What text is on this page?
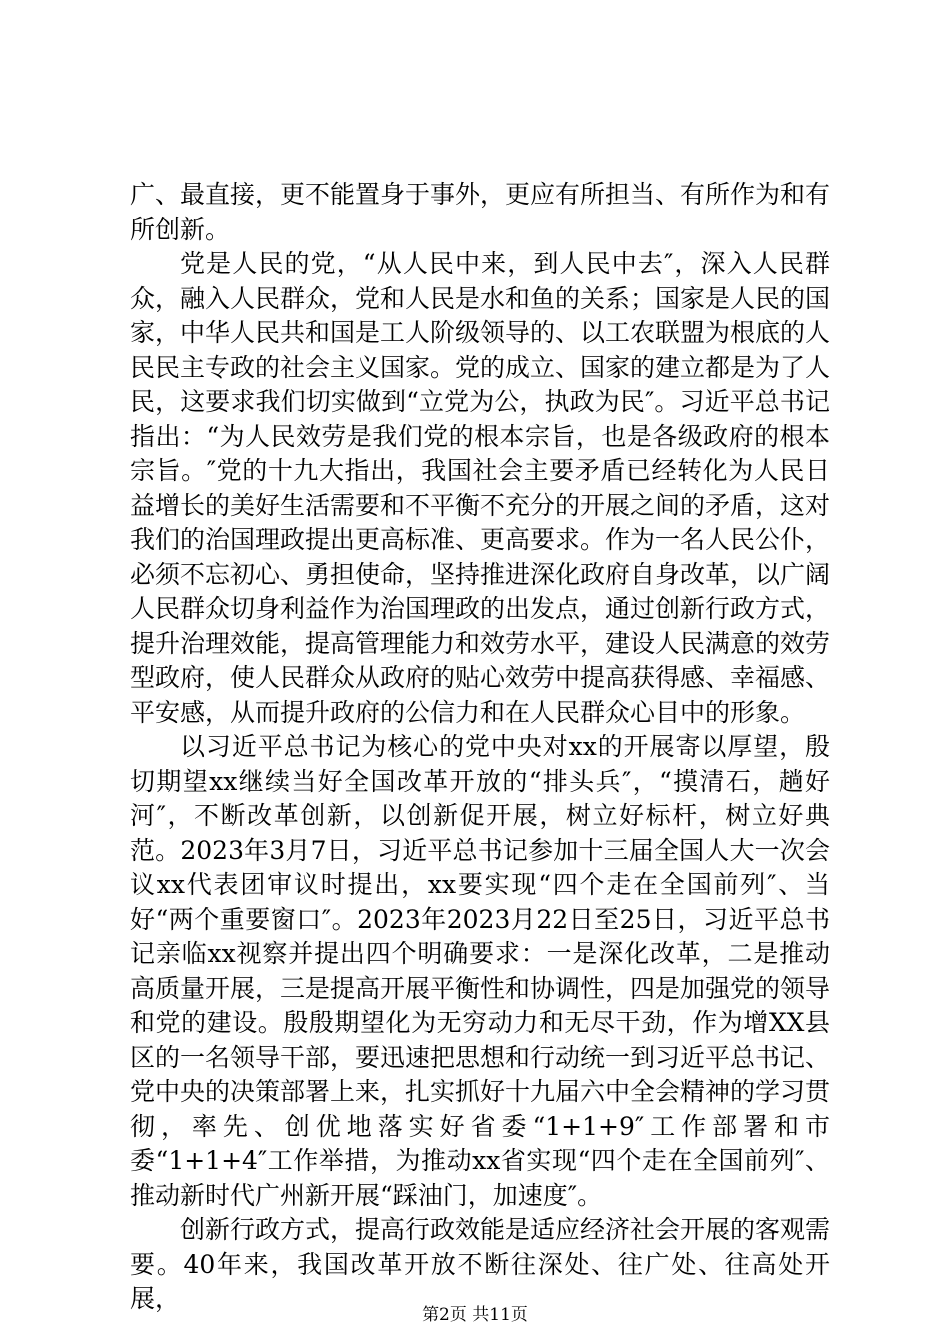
广、最直接，更不能置身于事外，更应有所担当、有所作为和有所创新。

党是人民的党，“从人民中来，到人民中去″，深入人民群众，融入人民群众，党和人民是水和鱼的关系；国家是人民的国家，中华人民共和国是工人阶级领导的、以工农联盟为根底的人民民主专政的社会主义国家。党的成立、国家的建立都是为了人民，这要求我们切实做到“立党为公，执政为民″。习近平总书记指出：“为人民效劳是我们党的根本宗旨，也是各级政府的根本宗旨。″党的十九大指出，我国社会主要矛盾已经转化为人民日益增长的美好生活需要和不平衡不充分的开展之间的矛盾，这对我们的治国理政提出更高标准、更高要求。作为一名人民公仆，必须不忘初心、勇担使命，坚持推进深化政府自身改革，以广阔人民群众切身利益作为治国理政的出发点，通过创新行政方式，提升治理效能，提高管理能力和效劳水平，建设人民满意的效劳型政府，使人民群众从政府的贴心效劳中提高获得感、幸福感、平安感，从而提升政府的公信力和在人民群众心目中的形象。

以习近平总书记为核心的党中央对xx的开展寄以厚望，殷切期望xx继续当好全国改革开放的“排头兵″，“摸清石，趟好河″，不断改革创新，以创新促开展，树立好标杆，树立好典范。2023年3月7日，习近平总书记参加十三届全国人大一次会议xx代表团审议时提出，xx要实现“四个走在全国前列″、当好“两个重要窗口″。2023年2023月22日至25日，习近平总书记亲临xx视察并提出四个明确要求：一是深化改革，二是推动高质量开展，三是提高开展平衡性和协调性，四是加强党的领导和党的建设。殷殷期望化为无穷动力和无尽干劲，作为增XX县区的一名领导干部，要迅速把思想和行动统一到习近平总书记、党中央的决策部署上来，扎实抓好十九届六中全会精神的学习贯彻，率先、创优地落实好省委“1+1+9″工作部署和市委“1+1+4″工作举措，为推动xx省实现“四个走在全国前列″、推动新时代广州新开展“踩油门，加速度″。

创新行政方式，提高行政效能是适应经济社会开展的客观需要。40年来，我国改革开放不断往深处、往广处、往高处开展，

第2页 共11页
